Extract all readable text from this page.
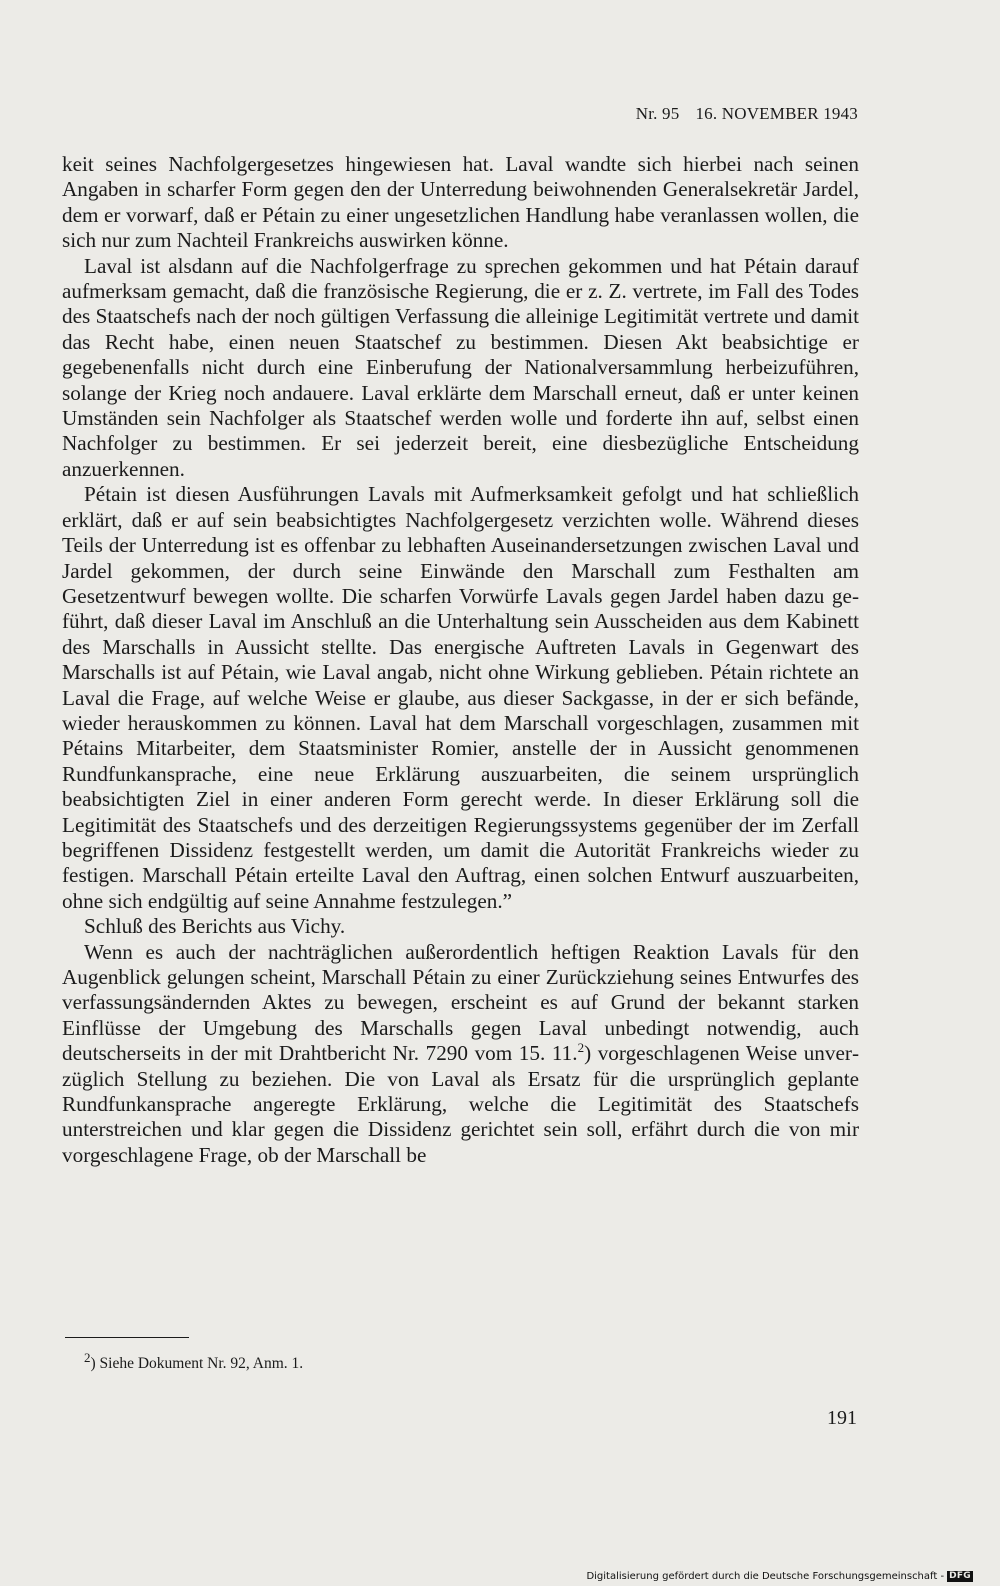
Nr. 95 16. NOVEMBER 1943

keit seines Nachfolgergesetzes hingewiesen hat. Laval wandte sich hierbei nach seinen Angaben in scharfer Form gegen den der Unterredung beiwohnenden Generalsekretär Jardel, dem er vorwarf, daß er Pétain zu einer ungesetzlichen Handlung habe veranlassen wollen, die sich nur zum Nachteil Frankreichs auswirken könne.

Laval ist alsdann auf die Nachfolgerfrage zu sprechen gekommen und hat Pétain darauf aufmerksam gemacht, daß die französische Regierung, die er z. Z. vertrete, im Fall des Todes des Staatschefs nach der noch gültigen Verfassung die alleinige Legitimität vertrete und damit das Recht habe, einen neuen Staatschef zu bestimmen. Diesen Akt beabsichtige er gegebenenfalls nicht durch eine Einberufung der Nationalversammlung herbeizuführen, solange der Krieg noch andauere. Laval erklärte dem Marschall erneut, daß er unter keinen Umständen sein Nachfolger als Staatschef werden wolle und forderte ihn auf, selbst einen Nachfolger zu bestimmen. Er sei jederzeit bereit, eine diesbezügliche Entscheidung anzuerkennen.

Pétain ist diesen Ausführungen Lavals mit Aufmerksamkeit gefolgt und hat schließlich erklärt, daß er auf sein beabsichtigtes Nachfolgergesetz verzichten wolle. Während dieses Teils der Unterredung ist es offenbar zu lebhaften Auseinandersetzungen zwischen Laval und Jardel gekommen, der durch seine Einwände den Marschall zum Festhalten am Gesetzentwurf bewegen wollte. Die scharfen Vorwürfe Lavals gegen Jardel haben dazu geführt, daß dieser Laval im Anschluß an die Unterhaltung sein Ausscheiden aus dem Kabinett des Marschalls in Aussicht stellte. Das energische Auftreten Lavals in Gegenwart des Marschalls ist auf Pétain, wie Laval angab, nicht ohne Wirkung geblieben. Pétain richtete an Laval die Frage, auf welche Weise er glaube, aus dieser Sackgasse, in der er sich befände, wieder herauskommen zu können. Laval hat dem Marschall vorgeschlagen, zusammen mit Pétains Mitarbeiter, dem Staatsminister Romier, anstelle der in Aussicht genommenen Rundfunkansprache, eine neue Erklärung auszuarbeiten, die seinem ursprünglich beabsichtigten Ziel in einer anderen Form gerecht werde. In dieser Erklärung soll die Legitimität des Staatschefs und des derzeitigen Regierungssystems gegenüber der im Zerfall begriffenen Dissidenz festgestellt werden, um damit die Autorität Frankreichs wieder zu festigen. Marschall Pétain erteilte Laval den Auftrag, einen solchen Entwurf auszuarbeiten, ohne sich endgültig auf seine Annahme festzulegen.”

Schluß des Berichts aus Vichy.

Wenn es auch der nachträglichen außerordentlich heftigen Reaktion Lavals für den Augenblick gelungen scheint, Marschall Pétain zu einer Zurückziehung seines Entwurfes des verfassungsändernden Aktes zu bewegen, erscheint es auf Grund der bekannt starken Einflüsse der Umgebung des Marschalls gegen Laval unbedingt notwendig, auch deutscherseits in der mit Drahtbericht Nr. 7290 vom 15. 11.$^2$) vorgeschlagenen Weise unverzüglich Stellung zu beziehen. Die von Laval als Ersatz für die ursprünglich geplante Rundfunkansprache angeregte Erklärung, welche die Legitimität des Staatschefs unterstreichen und klar gegen die Dissidenz gerichtet sein soll, erfährt durch die von mir vorgeschlagene Frage, ob der Marschall be

$^2$) Siehe Dokument Nr. 92, Anm. 1.
191
Digitalisierung gefördert durch die Deutsche Forschungsgemeinschaft - DFG
